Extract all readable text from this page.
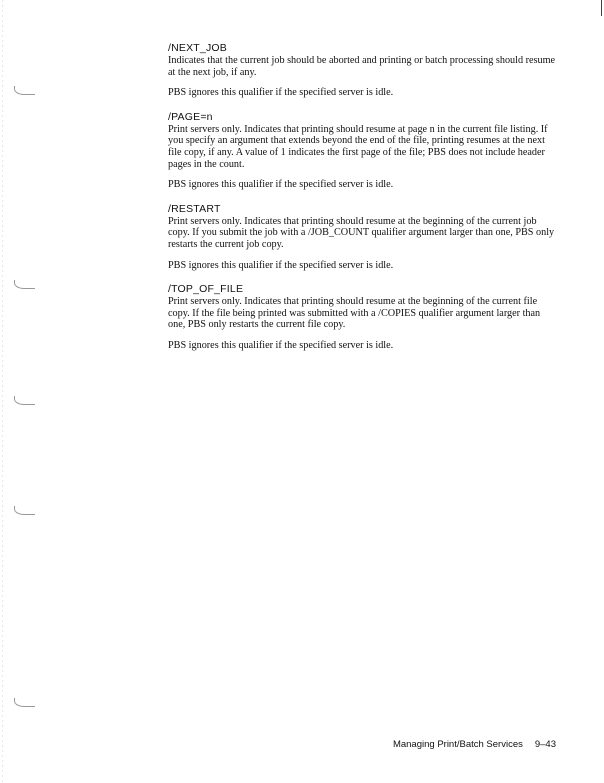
/NEXT_JOB

Indicates that the current job should be aborted and printing or batch processing should resume at the next job, if any.

PBS ignores this qualifier if the specified server is idle.

/PAGE=n

Print servers only. Indicates that printing should resume at page n in the current file listing. If you specify an argument that extends beyond the end of the file, printing resumes at the next file copy, if any. A value of 1 indicates the first page of the file; PBS does not include header pages in the count.

PBS ignores this qualifier if the specified server is idle.

/RESTART

Print servers only. Indicates that printing should resume at the beginning of the current job copy. If you submit the job with a /JOB_COUNT qualifier argument larger than one, PBS only restarts the current job copy.

PBS ignores this qualifier if the specified server is idle.

/TOP_OF_FILE

Print servers only. Indicates that printing should resume at the beginning of the current file copy. If the file being printed was submitted with a /COPIES qualifier argument larger than one, PBS only restarts the current file copy.

PBS ignores this qualifier if the specified server is idle.

Managing Print/Batch Services 9–43
